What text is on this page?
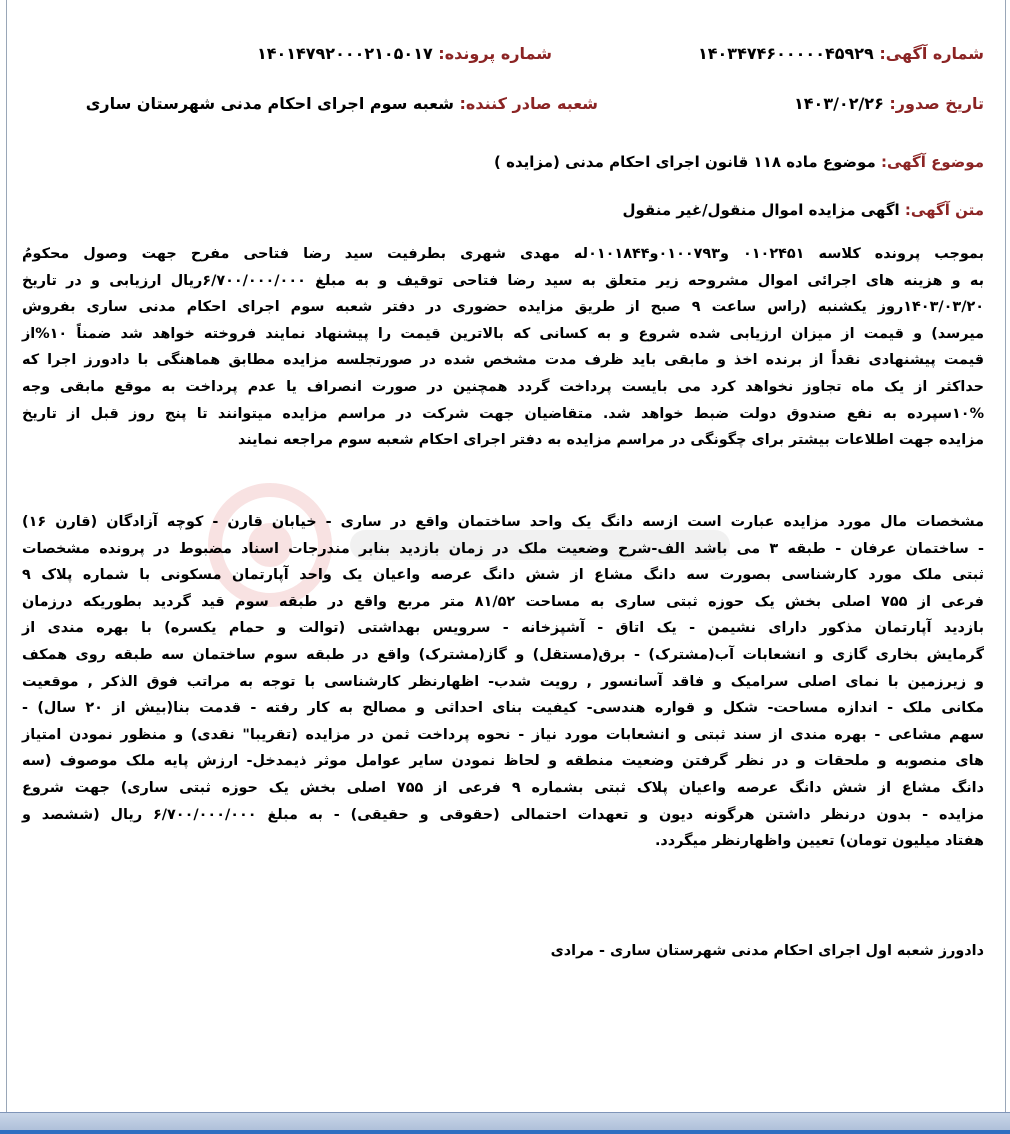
شماره آگهی: ۱۴۰۳۴۷۴۶۰۰۰۰۰۴۵۹۲۹
شماره پرونده: ۱۴۰۱۴۷۹۲۰۰۰۲۱۰۵۰۱۷
تاریخ صدور: ۱۴۰۳/۰۲/۲۶
شعبه صادر کننده: شعبه سوم اجرای احکام مدنی شهرستان ساری
موضوع آگهی: موضوع ماده ۱۱۸ قانون اجرای احکام مدنی (مزایده )
متن آگهی: اگهی مزایده اموال منقول/غیر منقول
بموجب پرونده کلاسه ۰۱۰۲۴۵۱ و۰۱۰۰۷۹۳و۰۱۰۱۸۴۴له مهدی شهری بطرفیت سید رضا فتاحی مفرح جهت وصول محکومُ
به و هزینه های اجرائی اموال مشروحه زیر متعلق به سید رضا فتاحی توقیف و به مبلغ ۶/۷۰۰/۰۰۰/۰۰۰ریال ارزیابی و در تاریخ
۱۴۰۳/۰۳/۲۰روز یکشنبه (راس ساعت ۹ صبح از طریق مزایده حضوری در دفتر شعبه سوم اجرای احکام مدنی ساری بفروش
میرسد) و قیمت از میزان ارزیابی شده شروع و به کسانی که بالاترین قیمت را پیشنهاد نمایند فروخته خواهد شد ضمناً ۱۰%از
قیمت پیشنهادی نقداً از برنده اخذ و مابقی باید ظرف مدت مشخص شده در صورتجلسه مزایده مطابق هماهنگی با دادورز اجرا که
حداکثر از یک ماه تجاوز نخواهد کرد می بایست پرداخت گردد همچنین در صورت انصراف یا عدم پرداخت به موقع مابقی وجه
۱۰%سپرده به نفع صندوق دولت ضبط خواهد شد. متقاضیان جهت شرکت در مراسم مزایده میتوانند تا پنج روز قبل از تاریخ
مزایده جهت اطلاعات بیشتر برای چگونگی در مراسم مزایده به دفتر اجرای احکام شعبه سوم مراجعه نمایند
مشخصات مال مورد مزایده عبارت است ازسه دانگ یک واحد ساختمان واقع در ساری - خیابان قارن - کوچه آزادگان (قارن ۱۶)
- ساختمان عرفان - طبقه ۳ می باشد الف-شرح وضعیت ملک در زمان بازدید بنابر مندرجات اسناد مضبوط در پرونده مشخصات
ثبتی ملک مورد کارشناسی بصورت سه دانگ مشاع از شش دانگ عرصه واعیان یک واحد آپارتمان مسکونی با شماره پلاک ۹
فرعی از ۷۵۵ اصلی بخش یک حوزه ثبتی ساری به مساحت ۸۱/۵۲ متر مربع واقع در طبقه سوم قید گردید بطوریکه درزمان
بازدید آپارتمان مذکور دارای نشیمن - یک اتاق - آشپزخانه - سرویس بهداشتی (توالت و حمام یکسره) با بهره مندی از
گرمایش بخاری گازی و انشعابات آب(مشترک) - برق(مستقل) و گاز(مشترک) واقع در طبقه سوم ساختمان سه طبقه روی همکف
و زیرزمین با نمای اصلی سرامیک و فاقد آسانسور , رویت شدب- اظهارنظر کارشناسی با توجه به مراتب فوق الذکر , موقعیت
مکانی ملک - اندازه مساحت- شکل و قواره هندسی- کیفیت بنای احداثی و مصالح به کار رفته - قدمت بنا(بیش از ۲۰ سال) -
سهم مشاعی - بهره مندی از سند ثبتی و انشعابات مورد نیاز - نحوه پرداخت ثمن در مزایده (تقریبا" نقدی) و منظور نمودن امتیاز
های منصوبه و ملحقات و در نظر گرفتن وضعیت منطقه و لحاظ نمودن سایر عوامل موثر ذیمدخل- ارزش پایه ملک موصوف (سه
دانگ مشاع از شش دانگ عرصه واعیان پلاک ثبتی بشماره ۹ فرعی از ۷۵۵ اصلی بخش یک حوزه ثبتی ساری) جهت شروع
مزایده - بدون درنظر داشتن هرگونه دیون و تعهدات احتمالی (حقوقی و حقیقی) - به مبلغ ۶/۷۰۰/۰۰۰/۰۰۰ ریال (ششصد و
هفتاد میلیون تومان) تعیین واظهارنظر میگردد.
دادورز شعبه اول اجرای احکام مدنی شهرستان ساری - مرادی
